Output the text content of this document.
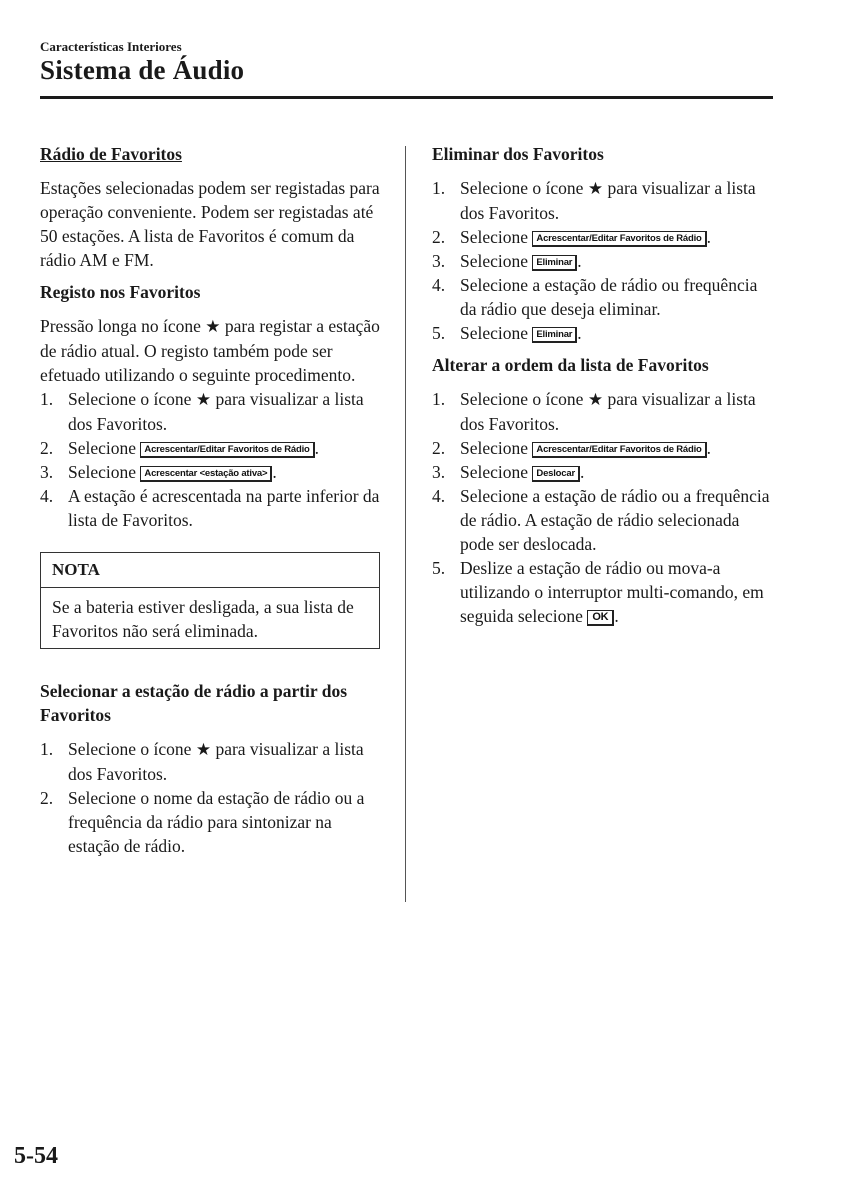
Características Interiores
Sistema de Áudio
Rádio de Favoritos

Estações selecionadas podem ser registadas para operação conveniente. Podem ser registadas até 50 estações. A lista de Favoritos é comum da rádio AM e FM.

Registo nos Favoritos

Pressão longa no ícone ★ para registar a estação de rádio atual. O registo também pode ser efetuado utilizando o seguinte procedimento.

1. Selecione o ícone ★ para visualizar a lista dos Favoritos.
2. Selecione Acrescentar/Editar Favoritos de Rádio .
3. Selecione Acrescentar <estação ativa> .
4. A estação é acrescentada na parte inferior da lista de Favoritos.
NOTA
Se a bateria estiver desligada, a sua lista de Favoritos não será eliminada.
Selecionar a estação de rádio a partir dos Favoritos
1. Selecione o ícone ★ para visualizar a lista dos Favoritos.
2. Selecione o nome da estação de rádio ou a frequência da rádio para sintonizar na estação de rádio.
Eliminar dos Favoritos
1. Selecione o ícone ★ para visualizar a lista dos Favoritos.
2. Selecione Acrescentar/Editar Favoritos de Rádio .
3. Selecione Eliminar .
4. Selecione a estação de rádio ou frequência da rádio que deseja eliminar.
5. Selecione Eliminar .
Alterar a ordem da lista de Favoritos
1. Selecione o ícone ★ para visualizar a lista dos Favoritos.
2. Selecione Acrescentar/Editar Favoritos de Rádio .
3. Selecione Deslocar .
4. Selecione a estação de rádio ou a frequência de rádio. A estação de rádio selecionada pode ser deslocada.
5. Deslize a estação de rádio ou mova-a utilizando o interruptor multi-comando, em seguida selecione OK .
5-54
